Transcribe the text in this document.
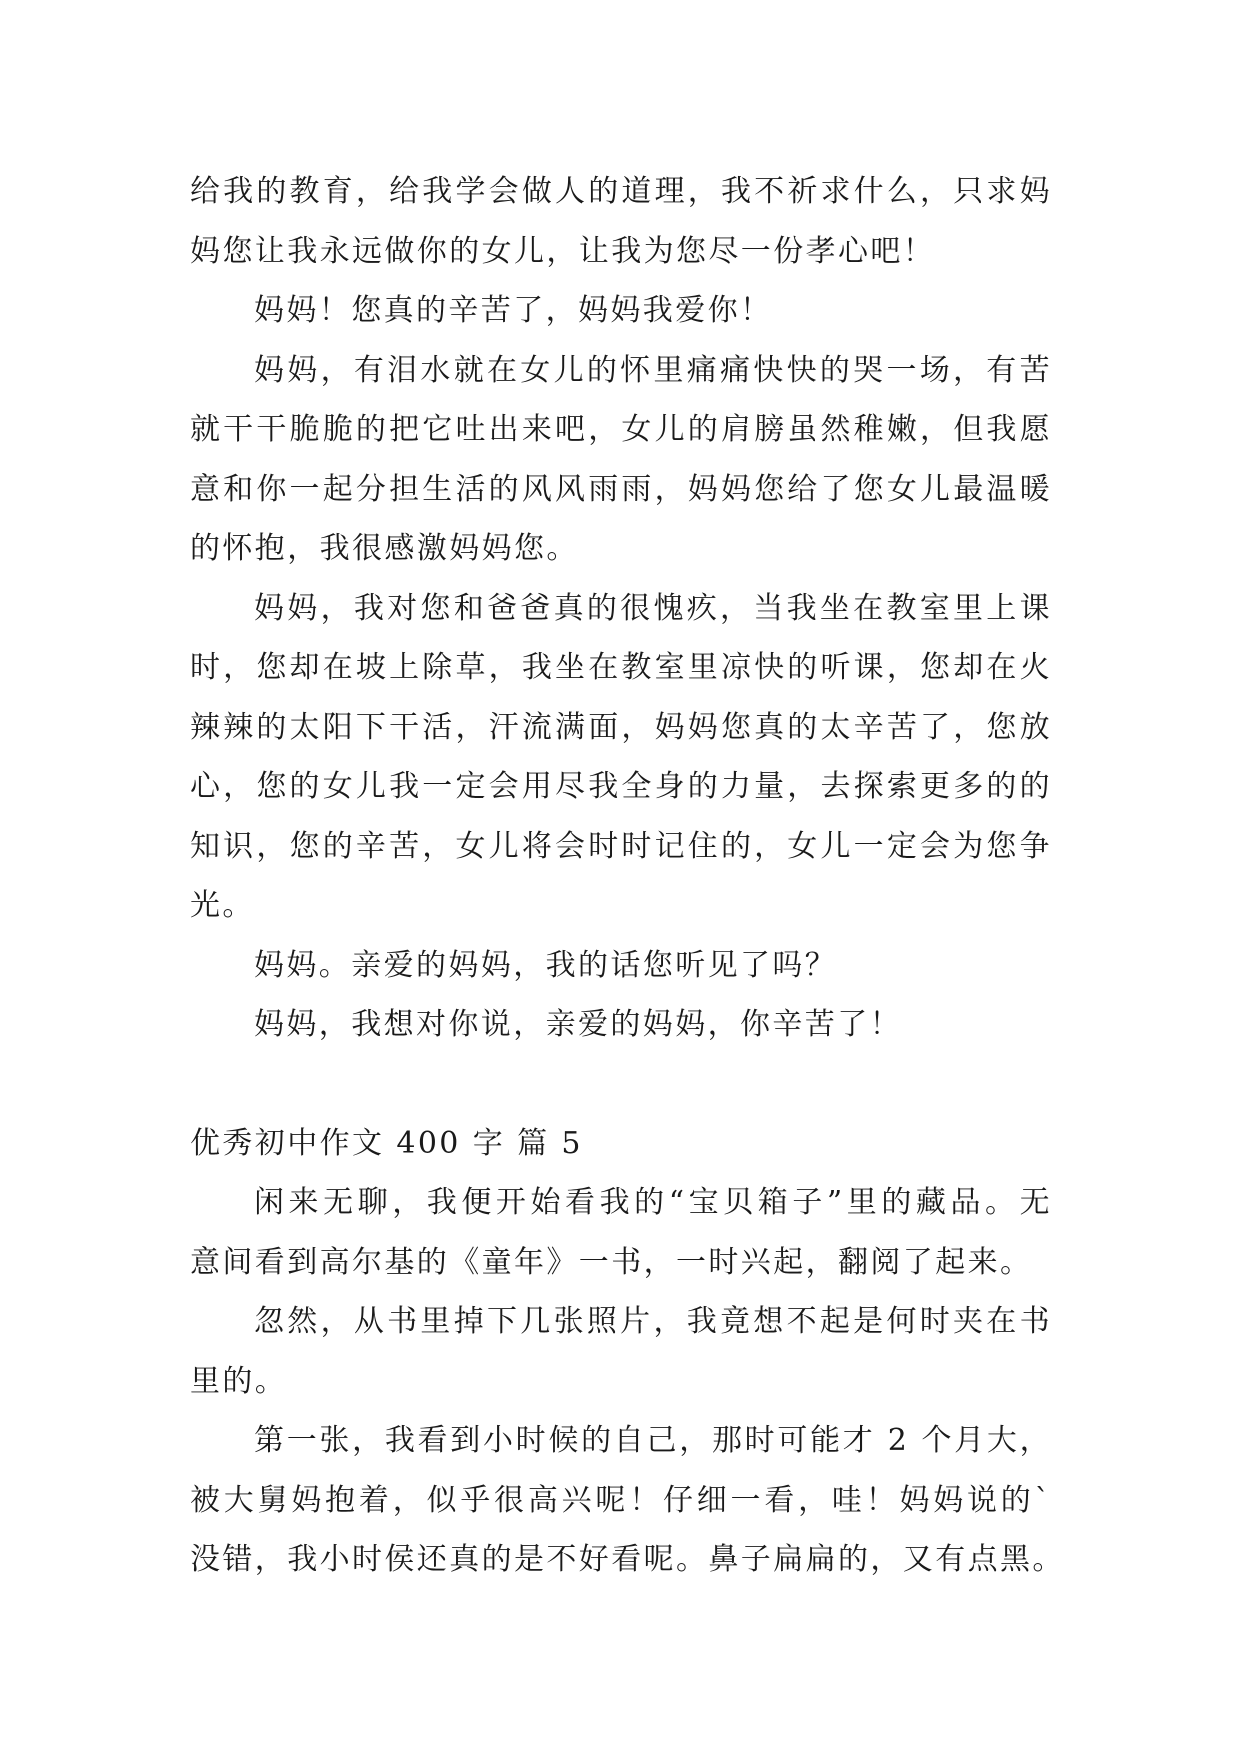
给我的教育，给我学会做人的道理，我不祈求什么，只求妈
妈您让我永远做你的女儿，让我为您尽一份孝心吧！
妈妈！您真的辛苦了，妈妈我爱你！
妈妈，有泪水就在女儿的怀里痛痛快快的哭一场，有苦
就干干脆脆的把它吐出来吧，女儿的肩膀虽然稚嫩，但我愿
意和你一起分担生活的风风雨雨，妈妈您给了您女儿最温暖
的怀抱，我很感激妈妈您。
妈妈，我对您和爸爸真的很愧疚，当我坐在教室里上课
时，您却在坡上除草，我坐在教室里凉快的听课，您却在火
辣辣的太阳下干活，汗流满面，妈妈您真的太辛苦了，您放
心，您的女儿我一定会用尽我全身的力量，去探索更多的的
知识，您的辛苦，女儿将会时时记住的，女儿一定会为您争
光。
妈妈。亲爱的妈妈，我的话您听见了吗？
妈妈，我想对你说，亲爱的妈妈，你辛苦了！
优秀初中作文 400 字 篇 5
闲来无聊，我便开始看我的“宝贝箱子”里的藏品。无
意间看到高尔基的《童年》一书，一时兴起，翻阅了起来。
忽然，从书里掉下几张照片，我竟想不起是何时夹在书
里的。
第一张，我看到小时候的自己，那时可能才 2 个月大，
被大舅妈抱着，似乎很高兴呢！仔细一看，哇！妈妈说的`
没错，我小时侯还真的是不好看呢。鼻子扁扁的，又有点黑。
